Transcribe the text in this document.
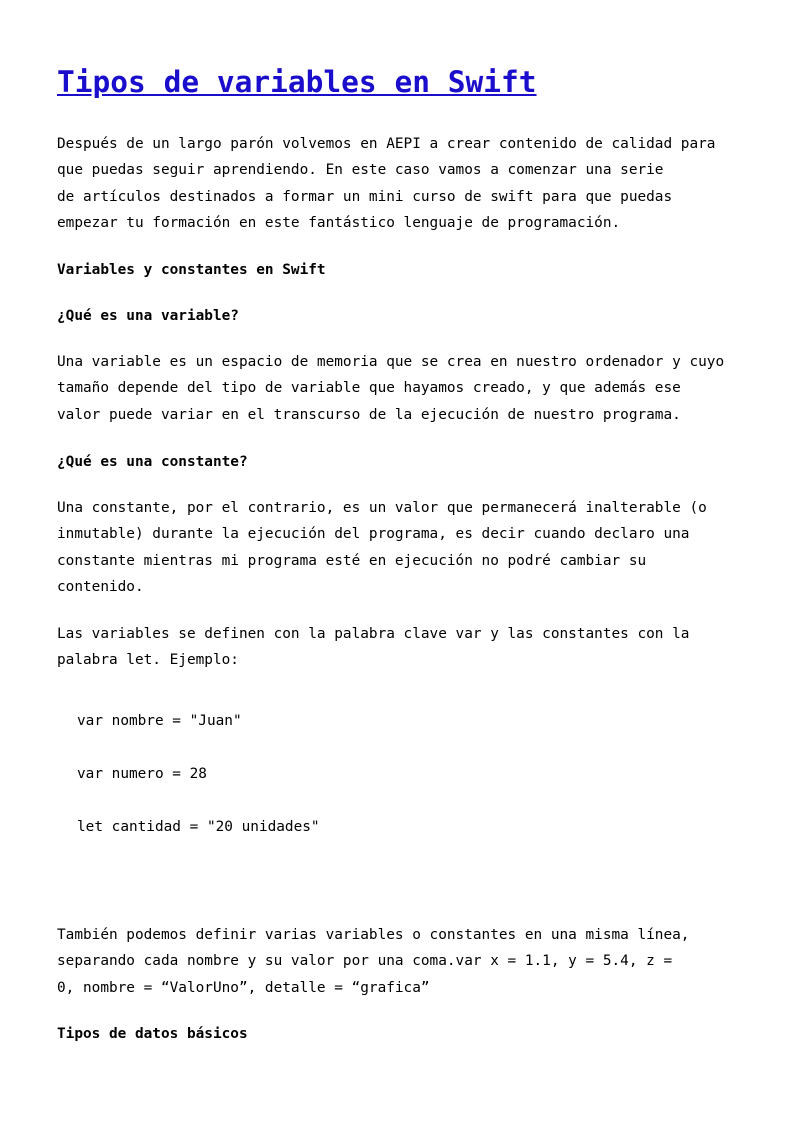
Tipos de variables en Swift

Después de un largo parón volvemos en AEPI a crear contenido de calidad para
que puedas seguir aprendiendo. En este caso vamos a comenzar una serie
de artículos destinados a formar un mini curso de swift para que puedas
empezar tu formación en este fantástico lenguaje de programación.

Variables y constantes en Swift
¿Qué es una variable?

Una variable es un espacio de memoria que se crea en nuestro ordenador y cuyo
tamaño depende del tipo de variable que hayamos creado, y que además ese
valor puede variar en el transcurso de la ejecución de nuestro programa.

¿Qué es una constante?

Una constante, por el contrario, es un valor que permanecerá inalterable (o
inmutable) durante la ejecución del programa, es decir cuando declaro una
constante mientras mi programa esté en ejecución no podré cambiar su
contenido.

Las variables se definen con la palabra clave var y las constantes con la
palabra let. Ejemplo:

var nombre = "Juan"
var numero = 28
let cantidad = "20 unidades"

También podemos definir varias variables o constantes en una misma línea,
separando cada nombre y su valor por una coma.var x = 1.1, y = 5.4, z =
0, nombre = “ValorUno”, detalle = “grafica”

Tipos de datos básicos
